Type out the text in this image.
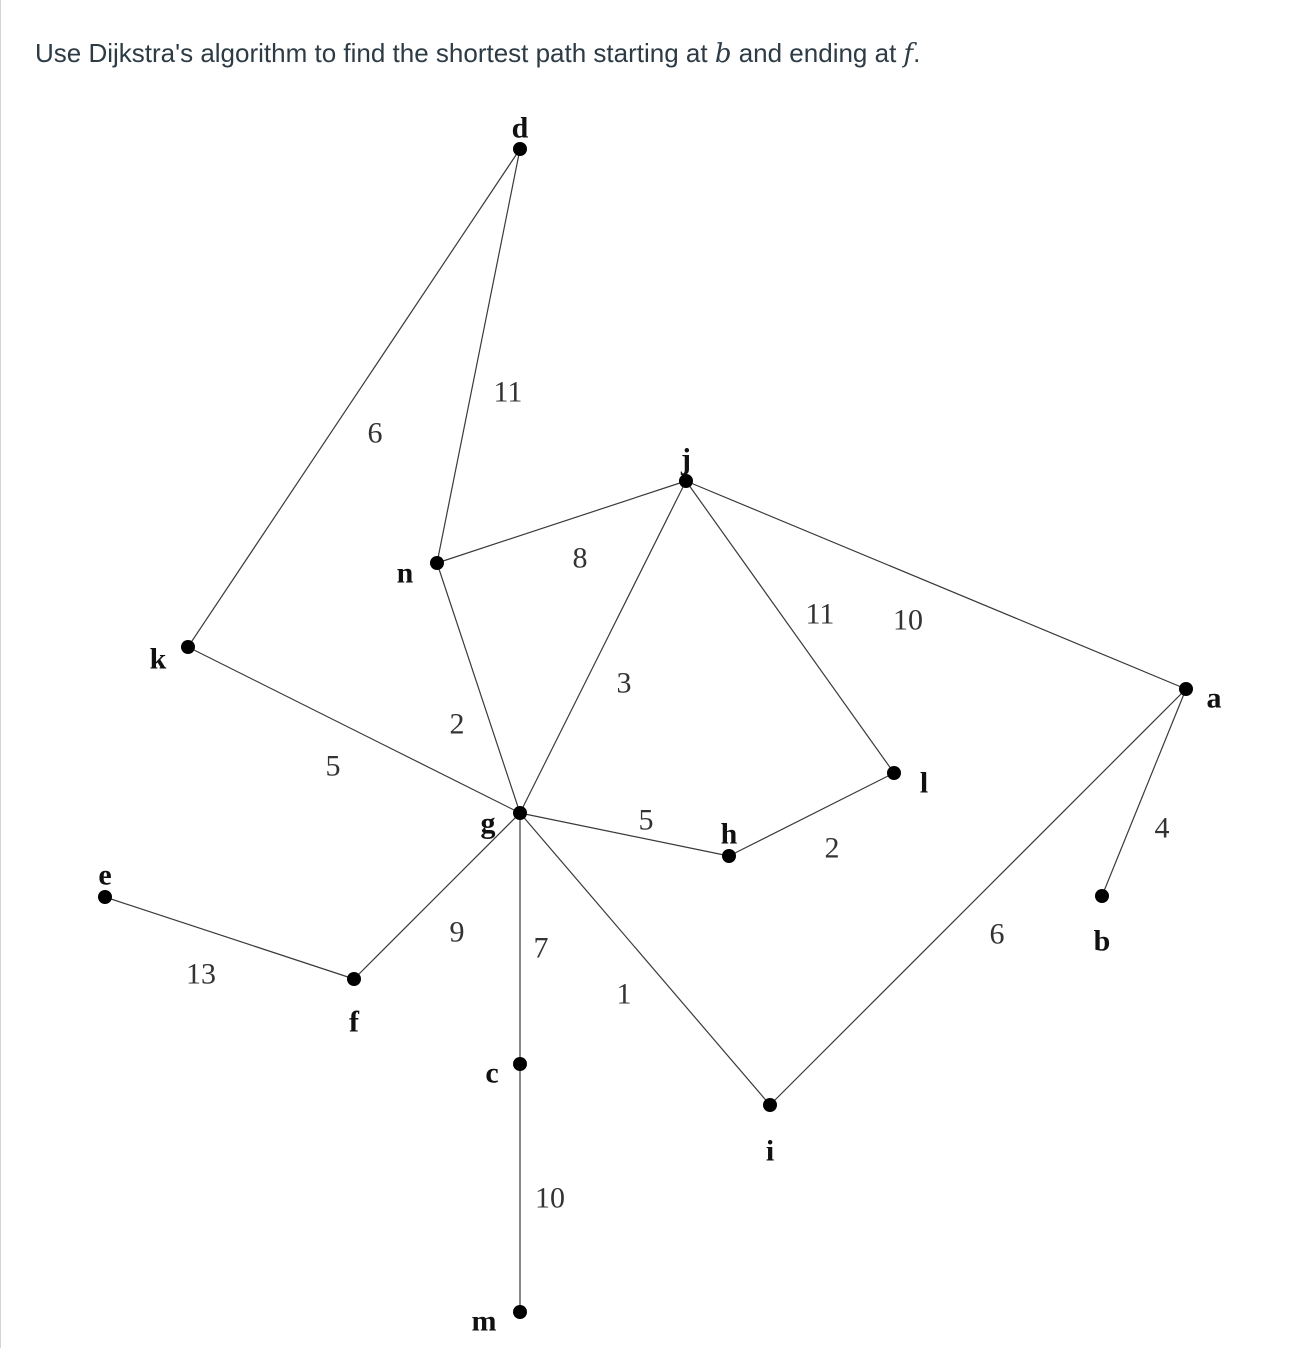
Use Dijkstra's algorithm to find the shortest path starting at b and ending at f.
6
11
8
2
5
3
11 10
5
2
4
6
9 7
1
13
10
d
n
j
k
a
l
g	h
e
b
f
c
i
m
